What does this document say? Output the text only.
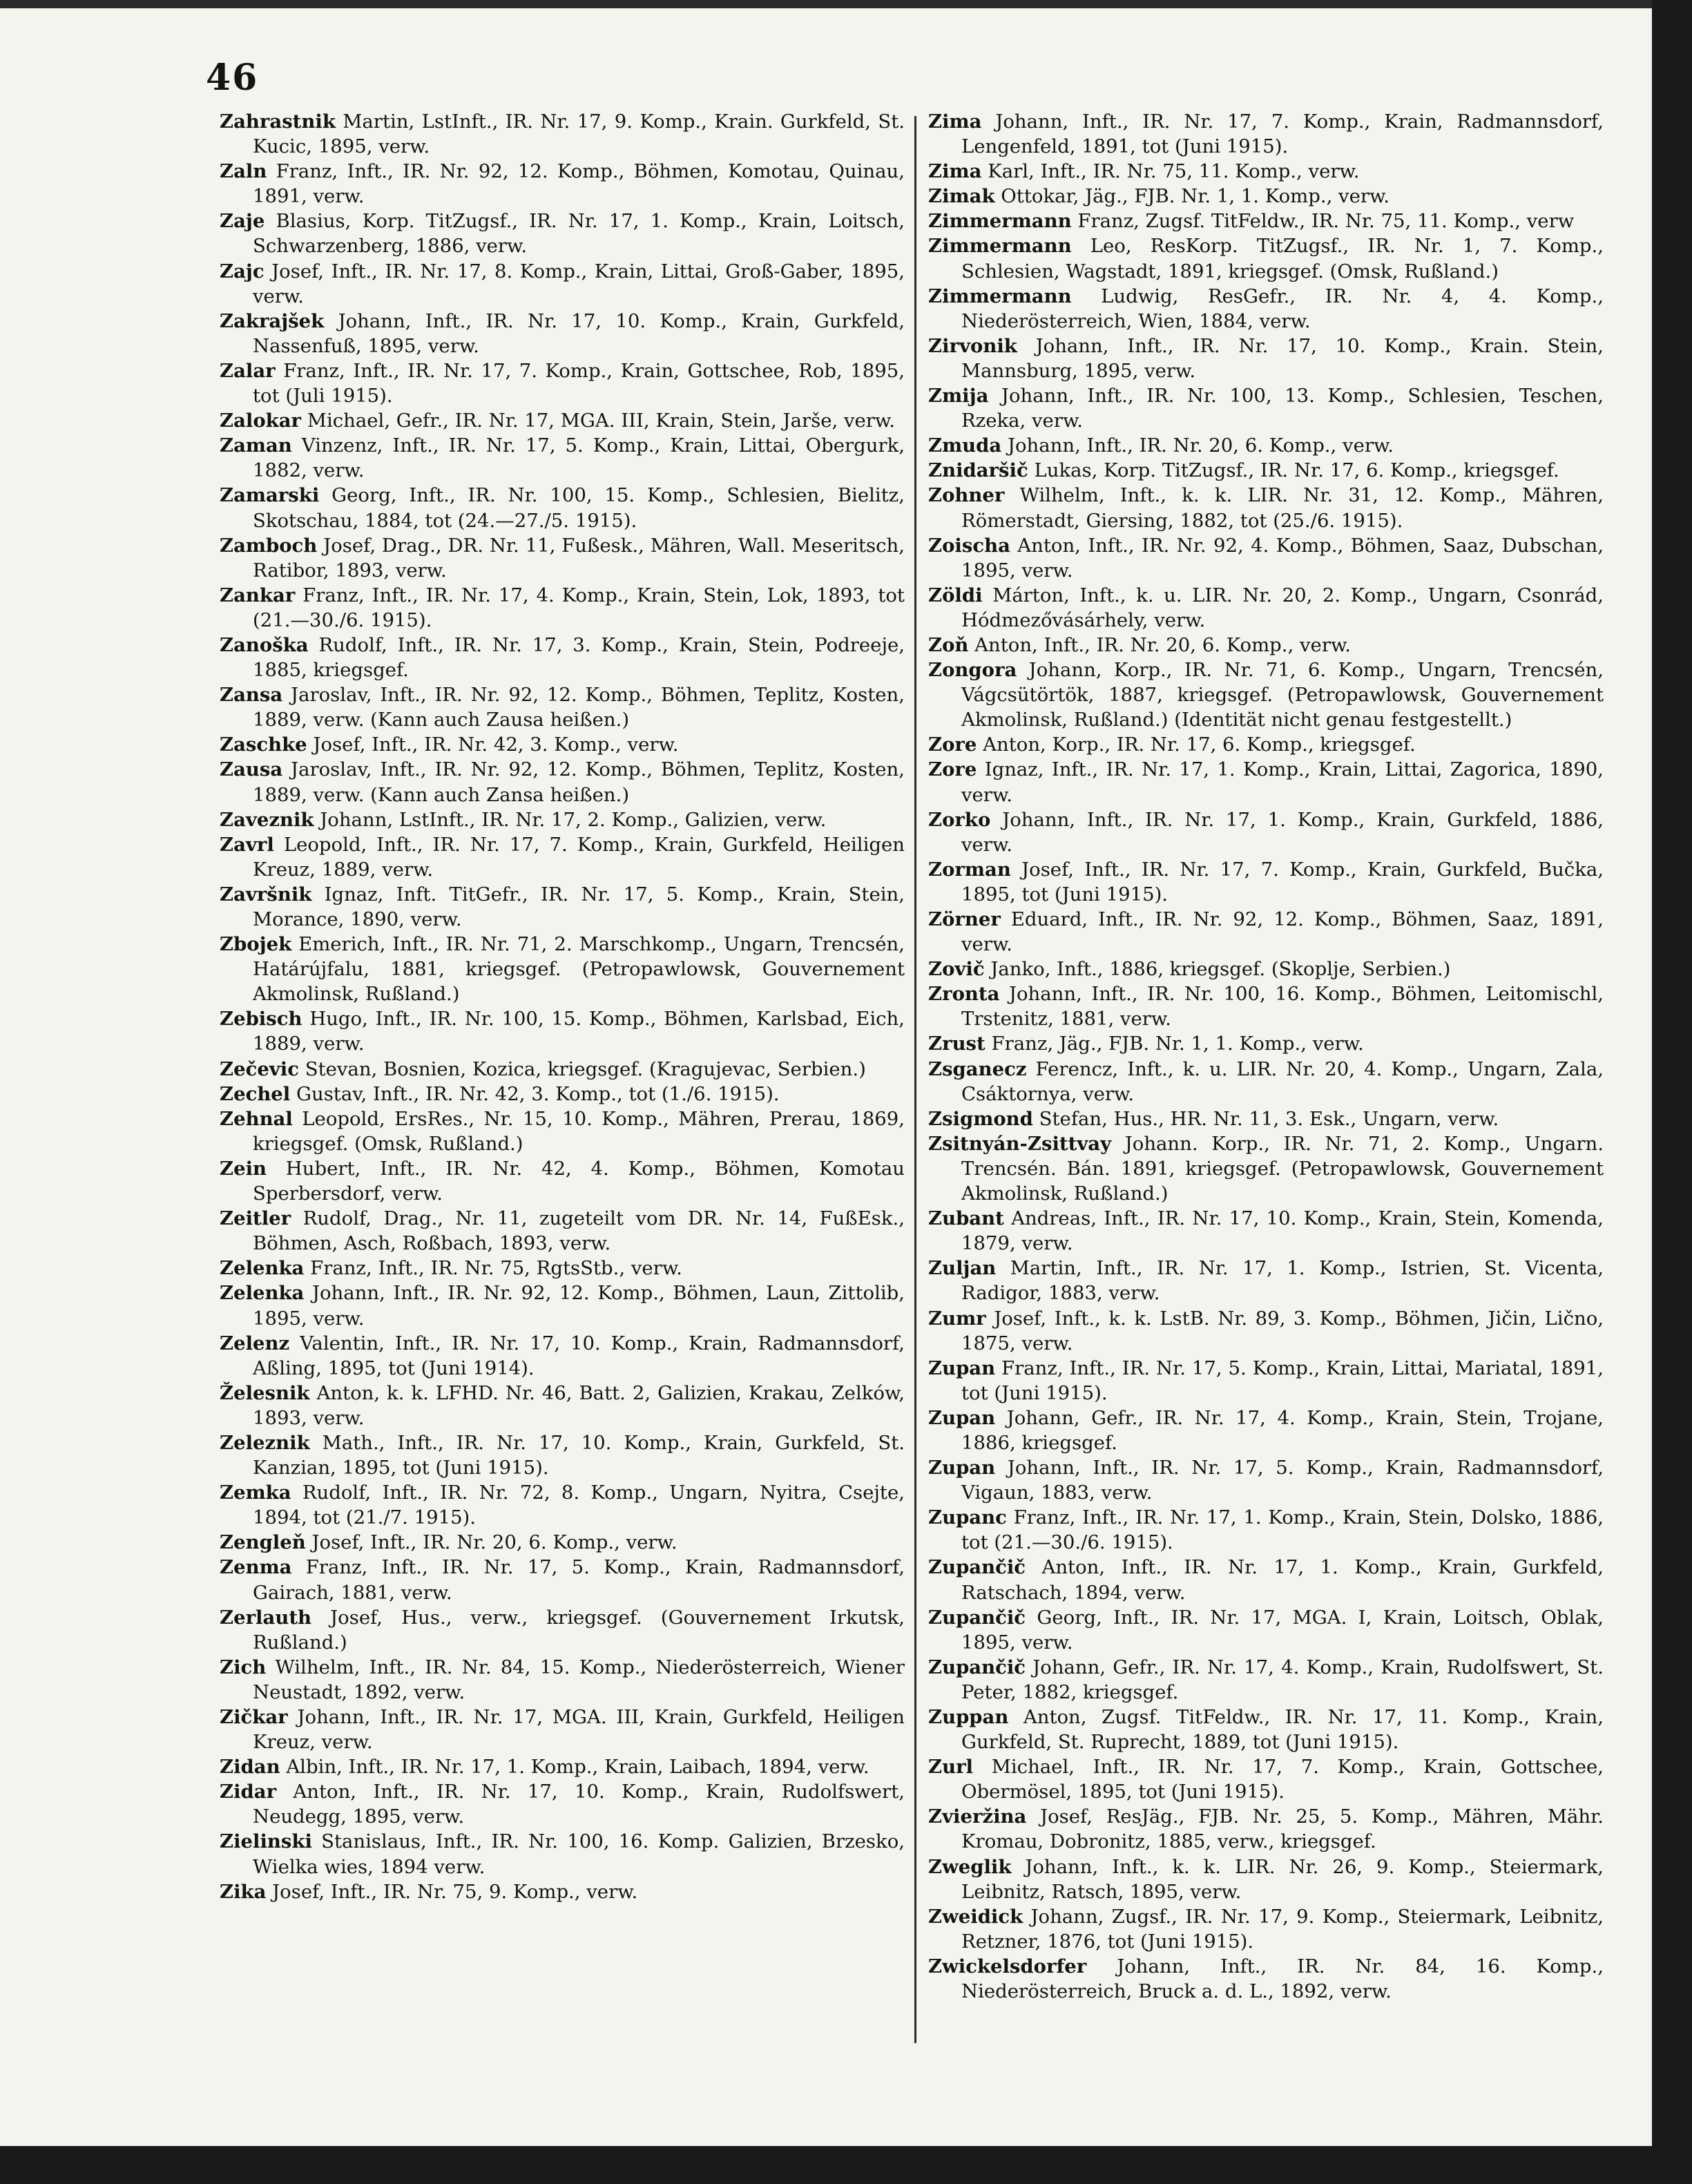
46

Zahrastnik Martin, LstInft., IR. Nr. 17, 9. Komp., Krain. Gurkfeld, St. Kucic, 1895, verw.

Zaln Franz, Inft., IR. Nr. 92, 12. Komp., Böhmen, Komotau, Quinau, 1891, verw.

Zaje Blasius, Korp. TitZugsf., IR. Nr. 17, 1. Komp., Krain, Loitsch, Schwarzenberg, 1886, verw.

Zajc Josef, Inft., IR. Nr. 17, 8. Komp., Krain, Littai, Groß-Gaber, 1895, verw.

Zakrajšek Johann, Inft., IR. Nr. 17, 10. Komp., Krain, Gurkfeld, Nassenfuß, 1895, verw.

Zalar Franz, Inft., IR. Nr. 17, 7. Komp., Krain, Gottschee, Rob, 1895, tot (Juli 1915).

Zalokar Michael, Gefr., IR. Nr. 17, MGA. III, Krain, Stein, Jarše, verw.

Zaman Vinzenz, Inft., IR. Nr. 17, 5. Komp., Krain, Littai, Obergurk, 1882, verw.

Zamarski Georg, Inft., IR. Nr. 100, 15. Komp., Schlesien, Bielitz, Skotschau, 1884, tot (24.—27./5. 1915).

Zamboch Josef, Drag., DR. Nr. 11, Fußesk., Mähren, Wall. Meseritsch, Ratibor, 1893, verw.

Zankar Franz, Inft., IR. Nr. 17, 4. Komp., Krain, Stein, Lok, 1893, tot (21.—30./6. 1915).

Zanoška Rudolf, Inft., IR. Nr. 17, 3. Komp., Krain, Stein, Podreeje, 1885, kriegsgef.

Zansa Jaroslav, Inft., IR. Nr. 92, 12. Komp., Böhmen, Teplitz, Kosten, 1889, verw. (Kann auch Zausa heißen.)

Zaschke Josef, Inft., IR. Nr. 42, 3. Komp., verw.

Zausa Jaroslav, Inft., IR. Nr. 92, 12. Komp., Böhmen, Teplitz, Kosten, 1889, verw. (Kann auch Zansa heißen.)

Zaveznik Johann, LstInft., IR. Nr. 17, 2. Komp., Galizien, verw.

Zavrl Leopold, Inft., IR. Nr. 17, 7. Komp., Krain, Gurkfeld, Heiligen Kreuz, 1889, verw.

Završnik Ignaz, Inft. TitGefr., IR. Nr. 17, 5. Komp., Krain, Stein, Morance, 1890, verw.

Zbojek Emerich, Inft., IR. Nr. 71, 2. Marschkomp., Ungarn, Trencsén, Határújfalu, 1881, kriegsgef. (Petropawlowsk, Gouvernement Akmolinsk, Rußland.)

Zebisch Hugo, Inft., IR. Nr. 100, 15. Komp., Böhmen, Karlsbad, Eich, 1889, verw.

Zečevic Stevan, Bosnien, Kozica, kriegsgef. (Kragujevac, Serbien.)

Zechel Gustav, Inft., IR. Nr. 42, 3. Komp., tot (1./6. 1915).

Zehnal Leopold, ErsRes., Nr. 15, 10. Komp., Mähren, Prerau, 1869, kriegsgef. (Omsk, Rußland.)

Zein Hubert, Inft., IR. Nr. 42, 4. Komp., Böhmen, Komotau Sperbersdorf, verw.

Zeitler Rudolf, Drag., Nr. 11, zugeteilt vom DR. Nr. 14, FußEsk., Böhmen, Asch, Roßbach, 1893, verw.

Zelenka Franz, Inft., IR. Nr. 75, RgtsStb., verw.

Zelenka Johann, Inft., IR. Nr. 92, 12. Komp., Böhmen, Laun, Zittolib, 1895, verw.

Zelenz Valentin, Inft., IR. Nr. 17, 10. Komp., Krain, Radmannsdorf, Aßling, 1895, tot (Juni 1914).

Želesnik Anton, k. k. LFHD. Nr. 46, Batt. 2, Galizien, Krakau, Zelków, 1893, verw.

Zeleznik Math., Inft., IR. Nr. 17, 10. Komp., Krain, Gurkfeld, St. Kanzian, 1895, tot (Juni 1915).

Zemka Rudolf, Inft., IR. Nr. 72, 8. Komp., Ungarn, Nyitra, Csejte, 1894, tot (21./7. 1915).

Zengleň Josef, Inft., IR. Nr. 20, 6. Komp., verw.

Zenma Franz, Inft., IR. Nr. 17, 5. Komp., Krain, Radmannsdorf, Gairach, 1881, verw.

Zerlauth Josef, Hus., verw., kriegsgef. (Gouvernement Irkutsk, Rußland.)

Zich Wilhelm, Inft., IR. Nr. 84, 15. Komp., Niederösterreich, Wiener Neustadt, 1892, verw.

Zičkar Johann, Inft., IR. Nr. 17, MGA. III, Krain, Gurkfeld, Heiligen Kreuz, verw.

Zidan Albin, Inft., IR. Nr. 17, 1. Komp., Krain, Laibach, 1894, verw.

Zidar Anton, Inft., IR. Nr. 17, 10. Komp., Krain, Rudolfswert, Neudegg, 1895, verw.

Zielinski Stanislaus, Inft., IR. Nr. 100, 16. Komp. Galizien, Brzesko, Wielka wies, 1894 verw.

Zika Josef, Inft., IR. Nr. 75, 9. Komp., verw.

Zima Johann, Inft., IR. Nr. 17, 7. Komp., Krain, Radmannsdorf, Lengenfeld, 1891, tot (Juni 1915).

Zima Karl, Inft., IR. Nr. 75, 11. Komp., verw.

Zimak Ottokar, Jäg., FJB. Nr. 1, 1. Komp., verw.

Zimmermann Franz, Zugsf. TitFeldw., IR. Nr. 75, 11. Komp., verw

Zimmermann Leo, ResKorp. TitZugsf., IR. Nr. 1, 7. Komp., Schlesien, Wagstadt, 1891, kriegsgef. (Omsk, Rußland.)

Zimmermann Ludwig, ResGefr., IR. Nr. 4, 4. Komp., Niederösterreich, Wien, 1884, verw.

Zirvonik Johann, Inft., IR. Nr. 17, 10. Komp., Krain. Stein, Mannsburg, 1895, verw.

Zmija Johann, Inft., IR. Nr. 100, 13. Komp., Schlesien, Teschen, Rzeka, verw.

Zmuda Johann, Inft., IR. Nr. 20, 6. Komp., verw.

Znidaršič Lukas, Korp. TitZugsf., IR. Nr. 17, 6. Komp., kriegsgef.

Zohner Wilhelm, Inft., k. k. LIR. Nr. 31, 12. Komp., Mähren, Römerstadt, Giersing, 1882, tot (25./6. 1915).

Zoischa Anton, Inft., IR. Nr. 92, 4. Komp., Böhmen, Saaz, Dubschan, 1895, verw.

Zöldi Márton, Inft., k. u. LIR. Nr. 20, 2. Komp., Ungarn, Csonrád, Hódmezővásárhely, verw.

Zoň Anton, Inft., IR. Nr. 20, 6. Komp., verw.

Zongora Johann, Korp., IR. Nr. 71, 6. Komp., Ungarn, Trencsén, Vágcsütörtök, 1887, kriegsgef. (Petropawlowsk, Gouvernement Akmolinsk, Rußland.) (Identität nicht genau festgestellt.)

Zore Anton, Korp., IR. Nr. 17, 6. Komp., kriegsgef.

Zore Ignaz, Inft., IR. Nr. 17, 1. Komp., Krain, Littai, Zagorica, 1890, verw.

Zorko Johann, Inft., IR. Nr. 17, 1. Komp., Krain, Gurkfeld, 1886, verw.

Zorman Josef, Inft., IR. Nr. 17, 7. Komp., Krain, Gurkfeld, Bučka, 1895, tot (Juni 1915).

Zörner Eduard, Inft., IR. Nr. 92, 12. Komp., Böhmen, Saaz, 1891, verw.

Zovič Janko, Inft., 1886, kriegsgef. (Skoplje, Serbien.)

Zronta Johann, Inft., IR. Nr. 100, 16. Komp., Böhmen, Leitomischl, Trstenitz, 1881, verw.

Zrust Franz, Jäg., FJB. Nr. 1, 1. Komp., verw.

Zsganecz Ferencz, Inft., k. u. LIR. Nr. 20, 4. Komp., Ungarn, Zala, Csáktornya, verw.

Zsigmond Stefan, Hus., HR. Nr. 11, 3. Esk., Ungarn, verw.

Zsitnyán-Zsittvay Johann. Korp., IR. Nr. 71, 2. Komp., Ungarn. Trencsén. Bán. 1891, kriegsgef. (Petropawlowsk, Gouvernement Akmolinsk, Rußland.)

Zubant Andreas, Inft., IR. Nr. 17, 10. Komp., Krain, Stein, Komenda, 1879, verw.

Zuljan Martin, Inft., IR. Nr. 17, 1. Komp., Istrien, St. Vicenta, Radigor, 1883, verw.

Zumr Josef, Inft., k. k. LstB. Nr. 89, 3. Komp., Böhmen, Jičin, Lično, 1875, verw.

Zupan Franz, Inft., IR. Nr. 17, 5. Komp., Krain, Littai, Mariatal, 1891, tot (Juni 1915).

Zupan Johann, Gefr., IR. Nr. 17, 4. Komp., Krain, Stein, Trojane, 1886, kriegsgef.

Zupan Johann, Inft., IR. Nr. 17, 5. Komp., Krain, Radmannsdorf, Vigaun, 1883, verw.

Zupanc Franz, Inft., IR. Nr. 17, 1. Komp., Krain, Stein, Dolsko, 1886, tot (21.—30./6. 1915).

Zupančič Anton, Inft., IR. Nr. 17, 1. Komp., Krain, Gurkfeld, Ratschach, 1894, verw.

Zupančič Georg, Inft., IR. Nr. 17, MGA. I, Krain, Loitsch, Oblak, 1895, verw.

Zupančič Johann, Gefr., IR. Nr. 17, 4. Komp., Krain, Rudolfswert, St. Peter, 1882, kriegsgef.

Zuppan Anton, Zugsf. TitFeldw., IR. Nr. 17, 11. Komp., Krain, Gurkfeld, St. Ruprecht, 1889, tot (Juni 1915).

Zurl Michael, Inft., IR. Nr. 17, 7. Komp., Krain, Gottschee, Obermösel, 1895, tot (Juni 1915).

Zvieržina Josef, ResJäg., FJB. Nr. 25, 5. Komp., Mähren, Mähr. Kromau, Dobronitz, 1885, verw., kriegsgef.

Zweglik Johann, Inft., k. k. LIR. Nr. 26, 9. Komp., Steiermark, Leibnitz, Ratsch, 1895, verw.

Zweidick Johann, Zugsf., IR. Nr. 17, 9. Komp., Steiermark, Leibnitz, Retzner, 1876, tot (Juni 1915).

Zwickelsdorfer Johann, Inft., IR. Nr. 84, 16. Komp., Niederösterreich, Bruck a. d. L., 1892, verw.
